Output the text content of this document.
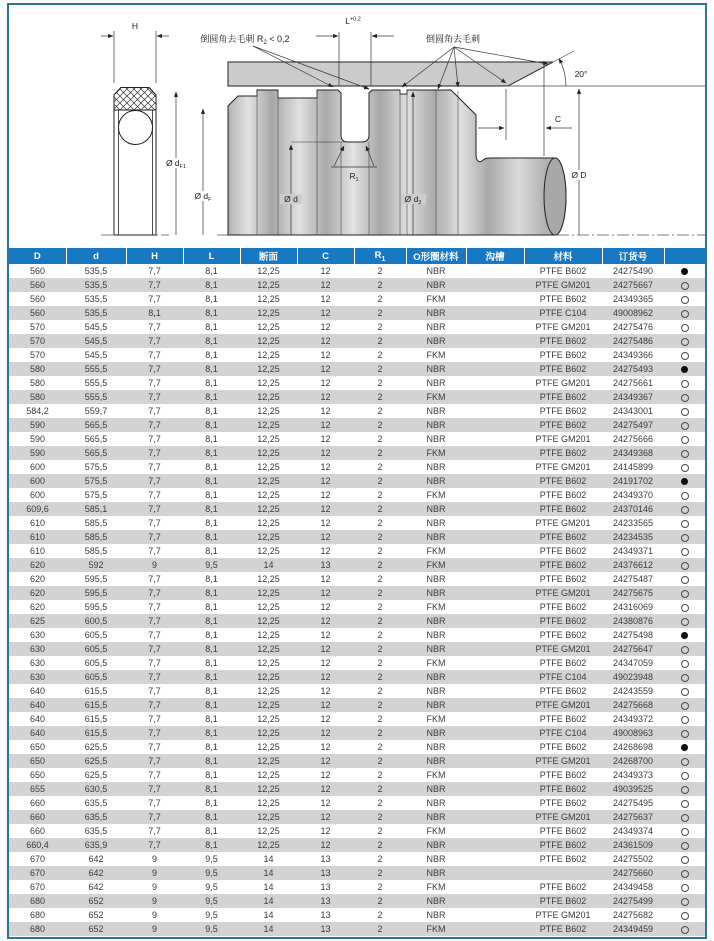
H
Ø $d_{F1}$
Ø $d_F$
$L^{+0,2}$
倒圆角去毛刺 $R_2 < 0,2$	倒圆角去毛刺
20°
C
Ø D
Ø d	Ø $d_2$
$R_1$
D	d	H	L	断面	C	$R_1$	O形圈材料	沟槽	材料	订货号	
560	535,5	7,7	8,1	12,25	12	2	NBR		PTFE B602	24275490	
560	535,5	7,7	8,1	12,25	12	2	NBR		PTFE GM201	24275667	
560	535,5	7,7	8,1	12,25	12	2	FKM		PTFE B602	24349365	
560	535,5	8,1	8,1	12,25	12	2	NBR		PTFE C104	49008962	
570	545,5	7,7	8,1	12,25	12	2	NBR		PTFE GM201	24275476	
570	545,5	7,7	8,1	12,25	12	2	NBR		PTFE B602	24275486	
570	545,5	7,7	8,1	12,25	12	2	FKM		PTFE B602	24349366	
580	555,5	7,7	8,1	12,25	12	2	NBR		PTFE B602	24275493	
580	555,5	7,7	8,1	12,25	12	2	NBR		PTFE GM201	24275661	
580	555,5	7,7	8,1	12,25	12	2	FKM		PTFE B602	24349367	
584,2	559,7	7,7	8,1	12,25	12	2	NBR		PTFE B602	24343001	
590	565,5	7,7	8,1	12,25	12	2	NBR		PTFE B602	24275497	
590	565,5	7,7	8,1	12,25	12	2	NBR		PTFE GM201	24275666	
590	565,5	7,7	8,1	12,25	12	2	FKM		PTFE B602	24349368	
600	575,5	7,7	8,1	12,25	12	2	NBR		PTFE GM201	24145899	
600	575,5	7,7	8,1	12,25	12	2	NBR		PTFE B602	24191702	
600	575,5	7,7	8,1	12,25	12	2	FKM		PTFE B602	24349370	
609,6	585,1	7,7	8,1	12,25	12	2	NBR		PTFE B602	24370146	
610	585,5	7,7	8,1	12,25	12	2	NBR		PTFE GM201	24233565	
610	585,5	7,7	8,1	12,25	12	2	NBR		PTFE B602	24234535	
610	585,5	7,7	8,1	12,25	12	2	FKM		PTFE B602	24349371	
620	592	9	9,5	14	13	2	FKM		PTFE B602	24376612	
620	595,5	7,7	8,1	12,25	12	2	NBR		PTFE B602	24275487	
620	595,5	7,7	8,1	12,25	12	2	NBR		PTFE GM201	24275675	
620	595,5	7,7	8,1	12,25	12	2	FKM		PTFE B602	24316069	
625	600,5	7,7	8,1	12,25	12	2	NBR		PTFE B602	24380876	
630	605,5	7,7	8,1	12,25	12	2	NBR		PTFE B602	24275498	
630	605,5	7,7	8,1	12,25	12	2	NBR		PTFE GM201	24275647	
630	605,5	7,7	8,1	12,25	12	2	FKM		PTFE B602	24347059	
630	605,5	7,7	8,1	12,25	12	2	NBR		PTFE C104	49023948	
640	615,5	7,7	8,1	12,25	12	2	NBR		PTFE B602	24243559	
640	615,5	7,7	8,1	12,25	12	2	NBR		PTFE GM201	24275668	
640	615,5	7,7	8,1	12,25	12	2	FKM		PTFE B602	24349372	
640	615,5	7,7	8,1	12,25	12	2	NBR		PTFE C104	49008963	
650	625,5	7,7	8,1	12,25	12	2	NBR		PTFE B602	24268698	
650	625,5	7,7	8,1	12,25	12	2	NBR		PTFE GM201	24268700	
650	625,5	7,7	8,1	12,25	12	2	FKM		PTFE B602	24349373	
655	630,5	7,7	8,1	12,25	12	2	NBR		PTFE B602	49039525	
660	635,5	7,7	8,1	12,25	12	2	NBR		PTFE B602	24275495	
660	635,5	7,7	8,1	12,25	12	2	NBR		PTFE GM201	24275637	
660	635,5	7,7	8,1	12,25	12	2	FKM		PTFE B602	24349374	
660,4	635,9	7,7	8,1	12,25	12	2	NBR		PTFE B602	24361509	
670	642	9	9,5	14	13	2	NBR		PTFE B602	24275502	
670	642	9	9,5	14	13	2	NBR			24275660	
670	642	9	9,5	14	13	2	FKM		PTFE B602	24349458	
680	652	9	9,5	14	13	2	NBR		PTFE B602	24275499	
680	652	9	9,5	14	13	2	NBR		PTFE GM201	24275682	
680	652	9	9,5	14	13	2	FKM		PTFE B602	24349459	
